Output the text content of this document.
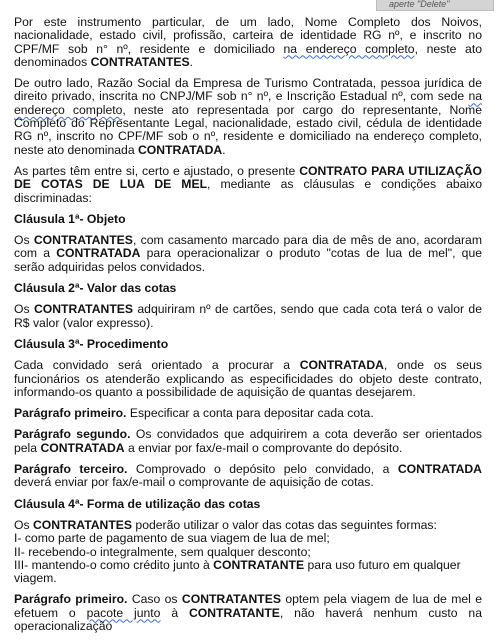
aperte "Delete"

Por este instrumento particular, de um lado, Nome Completo dos Noivos, nacionalidade, estado civil, profissão, carteira de identidade RG nº, e inscrito no CPF/MF sob n° nº, residente e domiciliado na endereço completo, neste ato denominados CONTRATANTES.

De outro lado, Razão Social da Empresa de Turismo Contratada, pessoa jurídica de direito privado, inscrita no CNPJ/MF sob n° nº, e Inscrição Estadual nº, com sede na endereço completo, neste ato representada por cargo do representante, Nome Completo do Representante Legal, nacionalidade, estado civil, cédula de identidade RG nº, inscrito no CPF/MF sob o nº, residente e domiciliado na endereço completo, neste ato denominada CONTRATADA.

As partes têm entre si, certo e ajustado, o presente CONTRATO PARA UTILIZAÇÃO DE COTAS DE LUA DE MEL, mediante as cláusulas e condições abaixo discriminadas:

Cláusula 1ª- Objeto

Os CONTRATANTES, com casamento marcado para dia de mês de ano, acordaram com a CONTRATADA para operacionalizar o produto "cotas de lua de mel", que serão adquiridas pelos convidados.

Cláusula 2ª- Valor das cotas

Os CONTRATANTES adquiriram nº de cartões, sendo que cada cota terá o valor de R$ valor (valor expresso).

Cláusula 3ª- Procedimento

Cada convidado será orientado a procurar a CONTRATADA, onde os seus funcionários os atenderão explicando as especificidades do objeto deste contrato, informando-os quanto a possibilidade de aquisição de quantas desejarem.

Parágrafo primeiro. Especificar a conta para depositar cada cota.

Parágrafo segundo. Os convidados que adquirirem a cota deverão ser orientados pela CONTRATADA a enviar por fax/e-mail o comprovante do depósito.

Parágrafo terceiro. Comprovado o depósito pelo convidado, a CONTRATADA deverá enviar por fax/e-mail o comprovante de aquisição de cotas.

Cláusula 4ª- Forma de utilização das cotas

Os CONTRATANTES poderão utilizar o valor das cotas das seguintes formas:
I- como parte de pagamento de sua viagem de lua de mel;
II- recebendo-o integralmente, sem qualquer desconto;
III- mantendo-o como crédito junto à CONTRATANTE para uso futuro em qualquer viagem.

Parágrafo primeiro. Caso os CONTRATANTES optem pela viagem de lua de mel e efetuem o pacote junto à CONTRATANTE, não haverá nenhum custo na operacionalização
